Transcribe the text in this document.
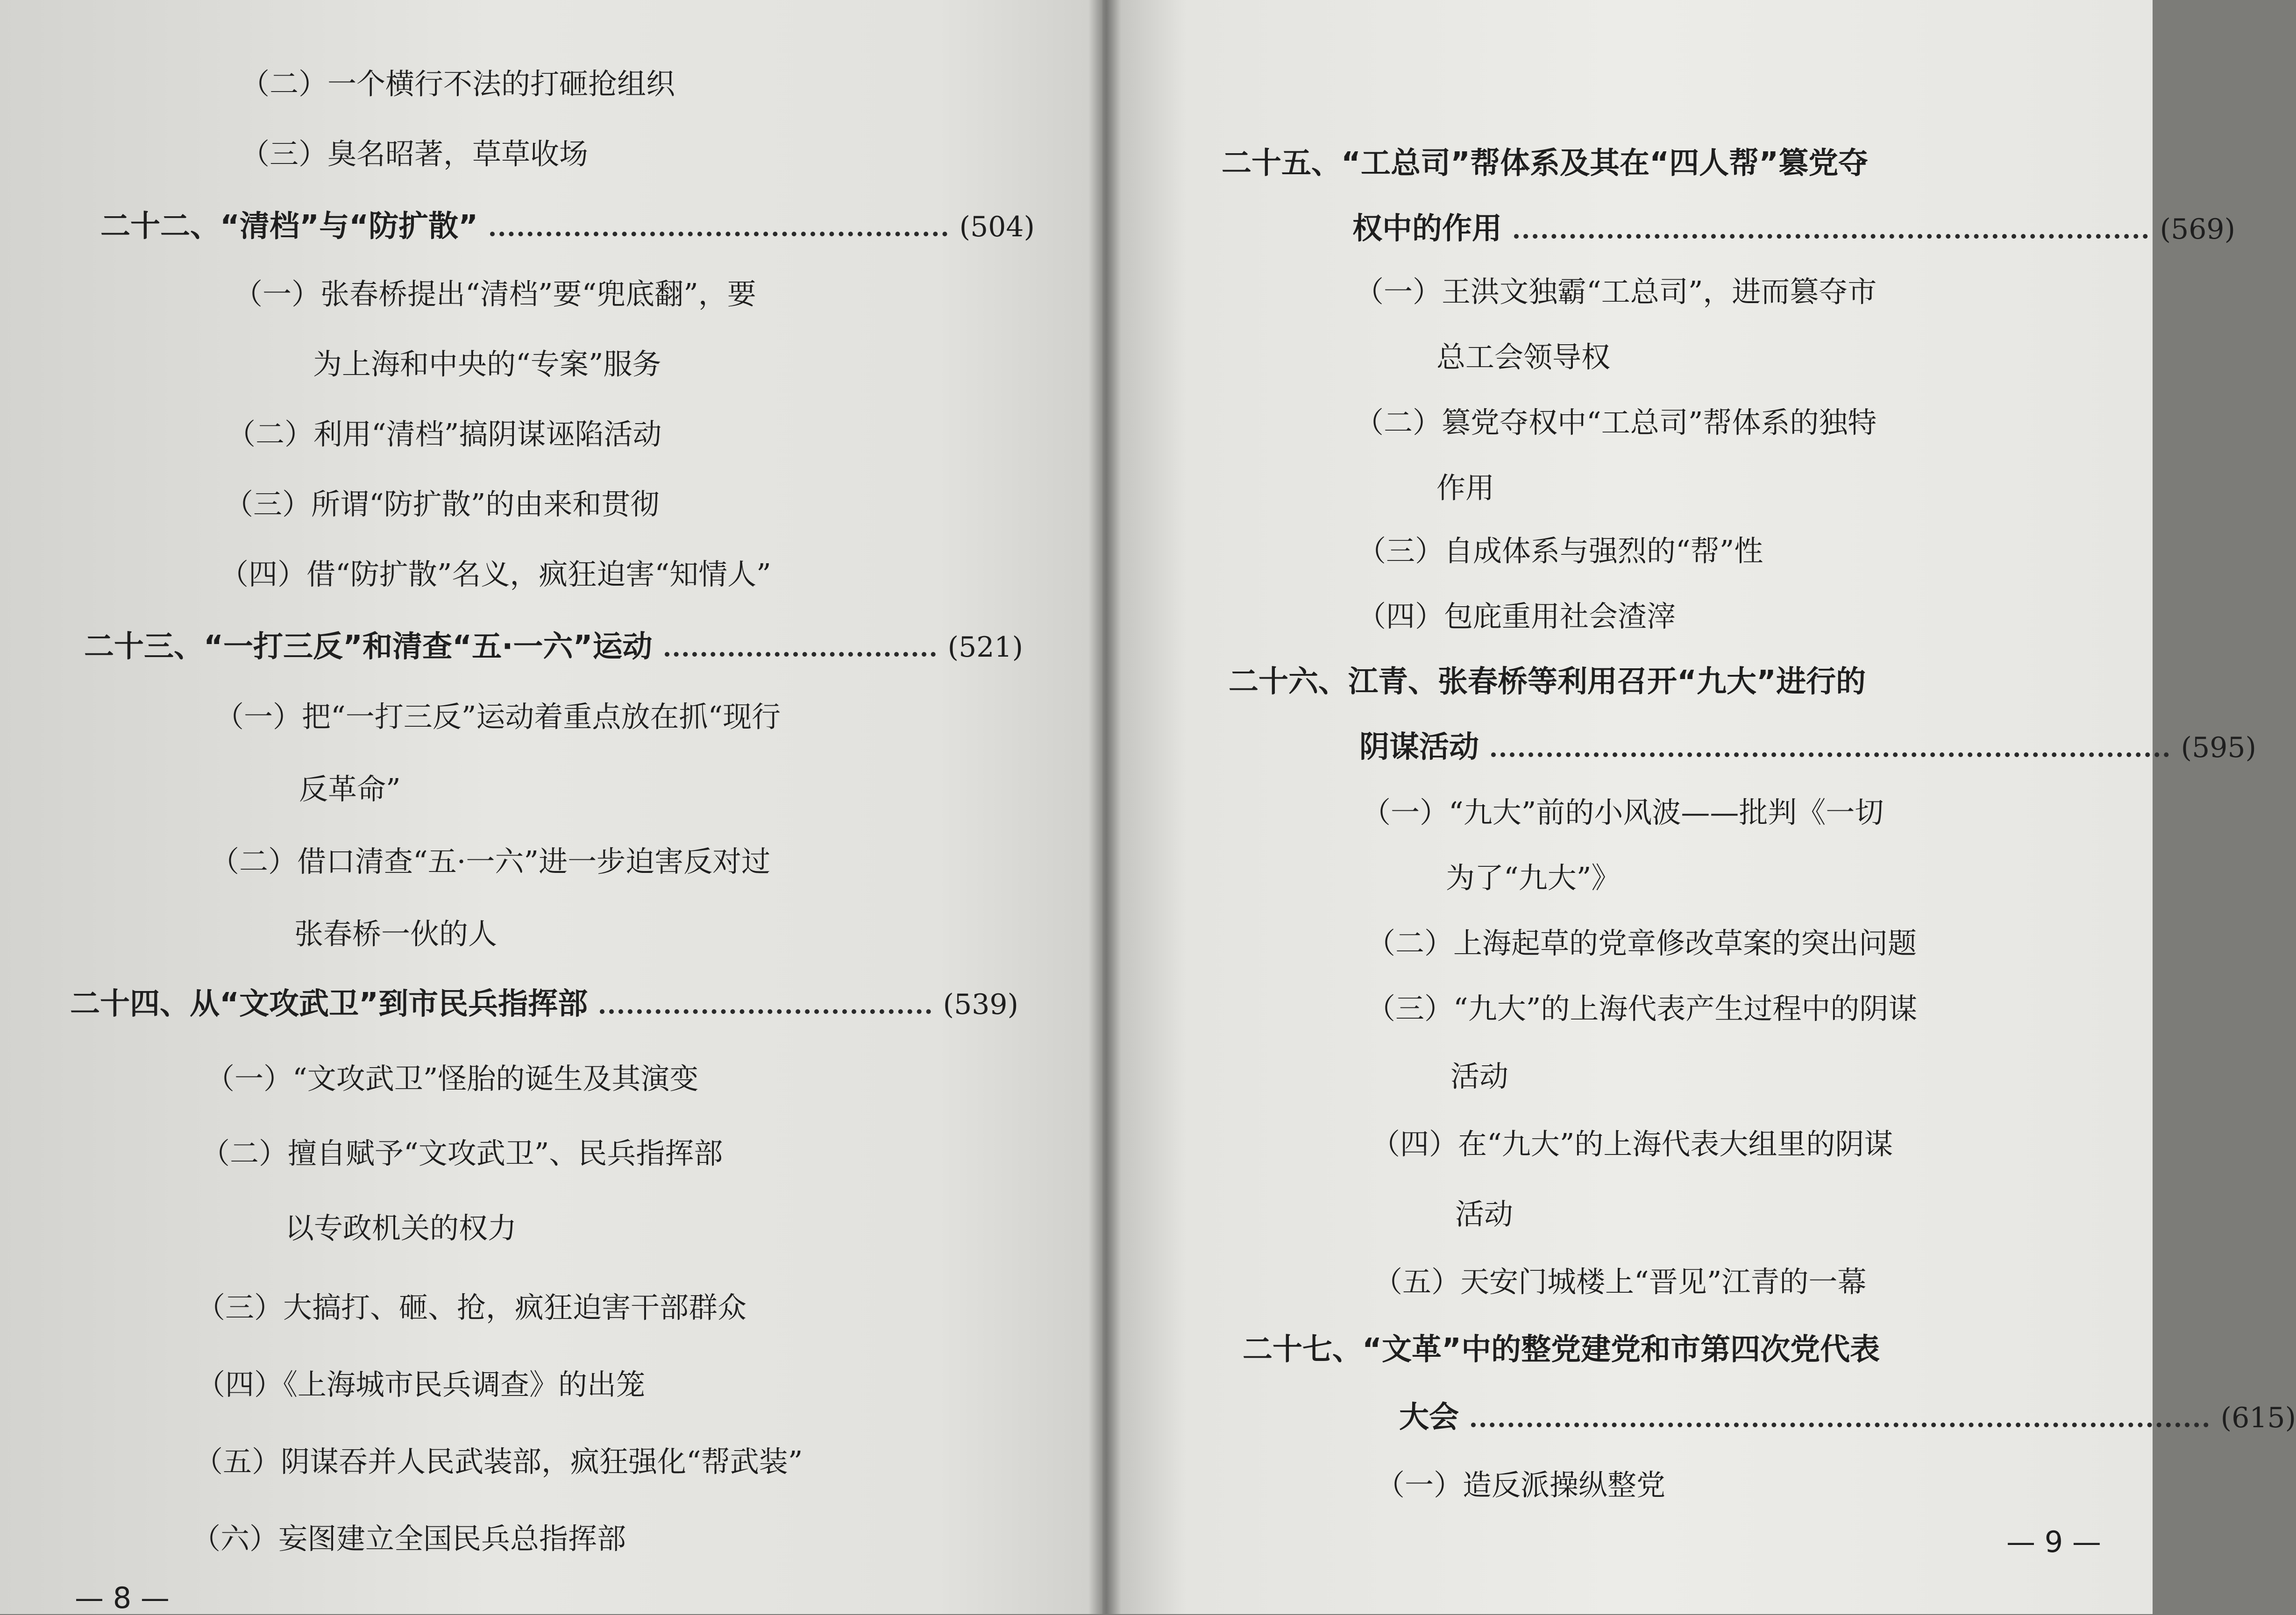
（二）一个横行不法的打砸抢组织
（三）臭名昭著，草草收场
二十二、“清档”与“防扩散”	(504)
（一）张春桥提出“清档”要“兜底翻”，要
为上海和中央的“专案”服务
（二）利用“清档”搞阴谋诬陷活动
（三）所谓“防扩散”的由来和贯彻
（四）借“防扩散”名义，疯狂迫害“知情人”
二十三、“一打三反”和清查“五·一六”运动	(521)
（一）把“一打三反”运动着重点放在抓“现行
反革命”
（二）借口清查“五·一六”进一步迫害反对过
张春桥一伙的人
二十四、从“文攻武卫”到市民兵指挥部	(539)
（一）“文攻武卫”怪胎的诞生及其演变
（二）擅自赋予“文攻武卫”、民兵指挥部
以专政机关的权力
（三）大搞打、砸、抢，疯狂迫害干部群众
（四）《上海城市民兵调查》的出笼
（五）阴谋吞并人民武装部，疯狂强化“帮武装”
（六）妄图建立全国民兵总指挥部
— 8 —
二十五、“工总司”帮体系及其在“四人帮”篡党夺
权中的作用	(569)
（一）王洪文独霸“工总司”，进而篡夺市
总工会领导权
（二）篡党夺权中“工总司”帮体系的独特
作用
（三）自成体系与强烈的“帮”性
（四）包庇重用社会渣滓
二十六、江青、张春桥等利用召开“九大”进行的
阴谋活动	(595)
（一）“九大”前的小风波——批判《一切
为了“九大”》
（二）上海起草的党章修改草案的突出问题
（三）“九大”的上海代表产生过程中的阴谋
活动
（四）在“九大”的上海代表大组里的阴谋
活动
（五）天安门城楼上“晋见”江青的一幕
二十七、“文革”中的整党建党和市第四次党代表
大会	(615)
（一）造反派操纵整党
— 9 —
